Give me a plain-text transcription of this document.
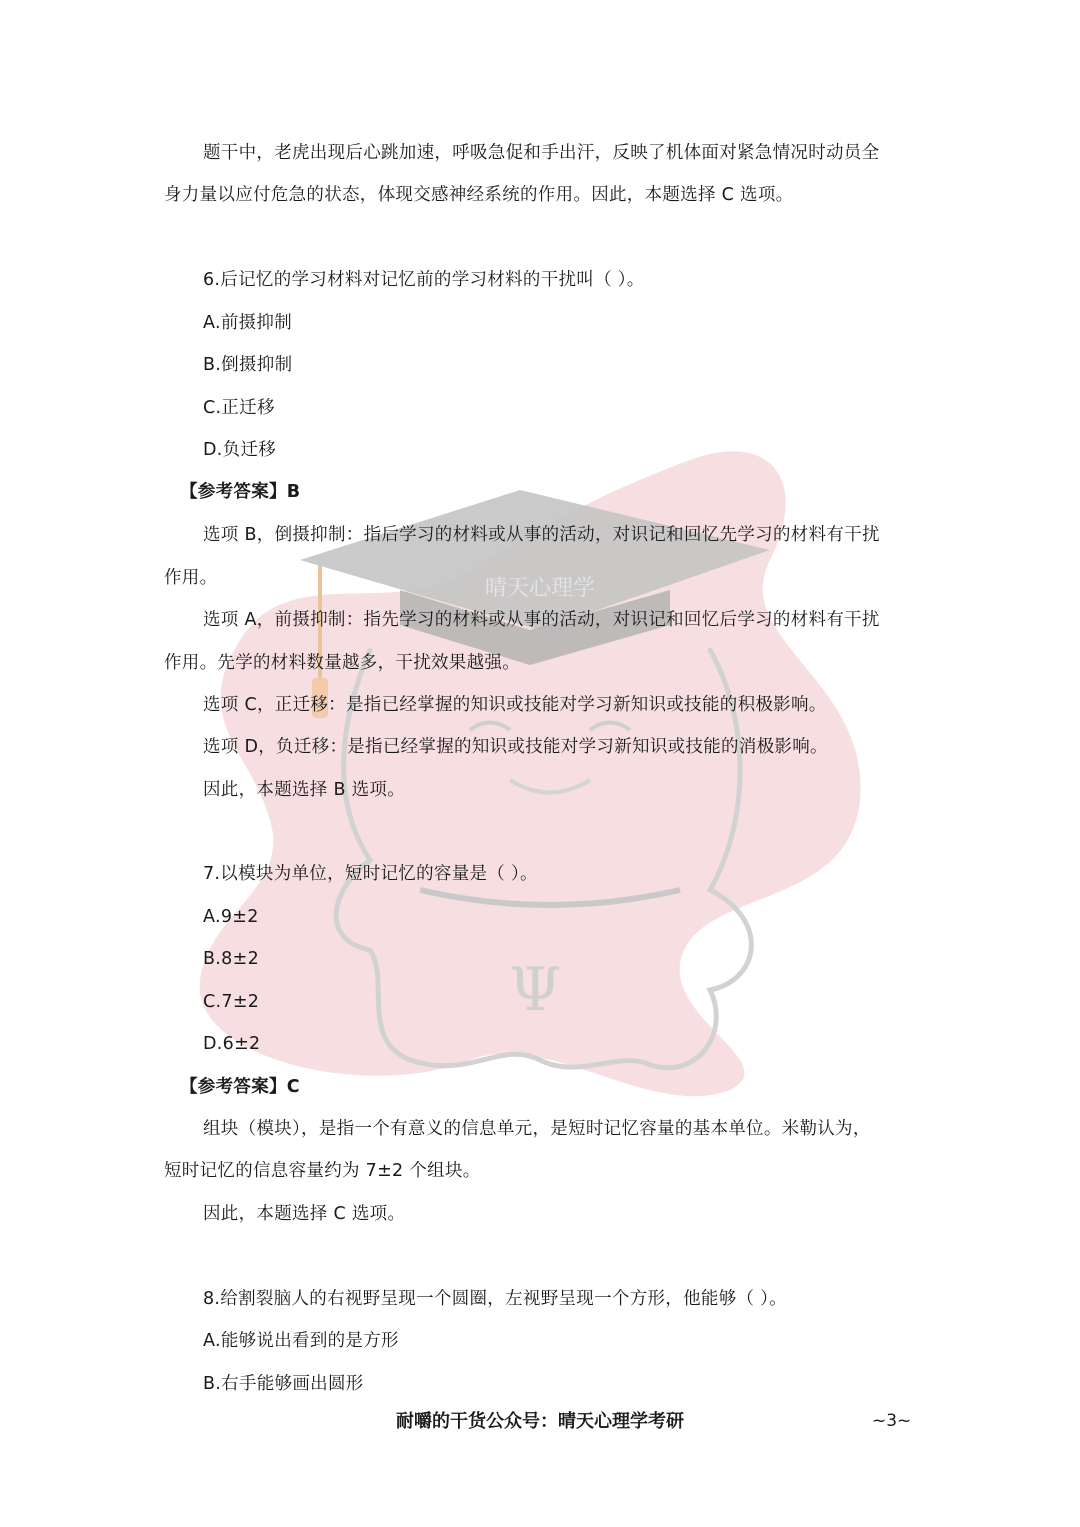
Ψ
晴天心理学
题干中，老虎出现后心跳加速，呼吸急促和手出汗，反映了机体面对紧急情况时动员全
身力量以应付危急的状态，体现交感神经系统的作用。因此，本题选择 C 选项。
6.后记忆的学习材料对记忆前的学习材料的干扰叫（ ）。
A.前摄抑制
B.倒摄抑制
C.正迁移
D.负迁移
【参考答案】B
选项 B，倒摄抑制：指后学习的材料或从事的活动，对识记和回忆先学习的材料有干扰
作用。
选项 A，前摄抑制：指先学习的材料或从事的活动，对识记和回忆后学习的材料有干扰
作用。先学的材料数量越多，干扰效果越强。
选项 C，正迁移：是指已经掌握的知识或技能对学习新知识或技能的积极影响。
选项 D，负迁移：是指已经掌握的知识或技能对学习新知识或技能的消极影响。
因此，本题选择 B 选项。
7.以模块为单位，短时记忆的容量是（ ）。
A.9±2
B.8±2
C.7±2
D.6±2
【参考答案】C
组块（模块），是指一个有意义的信息单元，是短时记忆容量的基本单位。米勒认为，
短时记忆的信息容量约为 7±2 个组块。
因此，本题选择 C 选项。
8.给割裂脑人的右视野呈现一个圆圈，左视野呈现一个方形，他能够（ ）。
A.能够说出看到的是方形
B.右手能够画出圆形
耐嚼的干货公众号：晴天心理学考研	~3~
